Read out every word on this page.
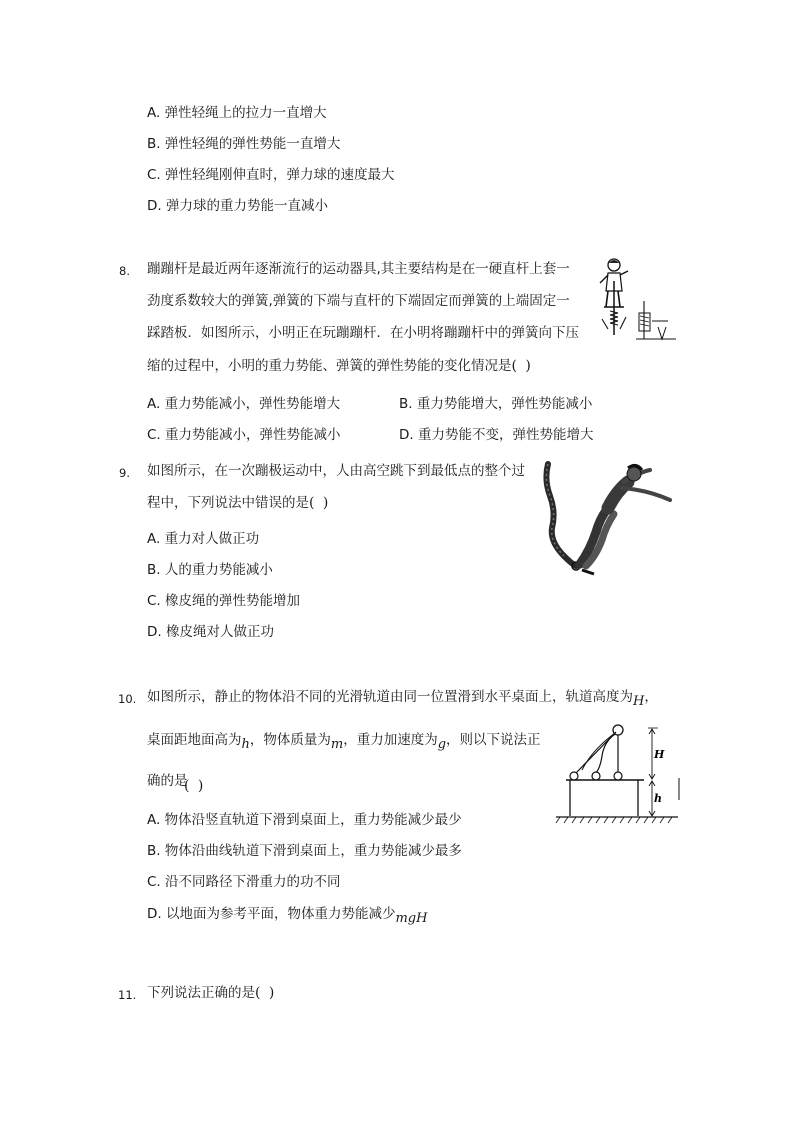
A. 弹性轻绳上的拉力一直增大
B. 弹性轻绳的弹性势能一直增大
C. 弹性轻绳刚伸直时，弹力球的速度最大
D. 弹力球的重力势能一直减小
8. 蹦蹦杆是最近两年逐渐流行的运动器具,其主要结构是在一硬直杆上套一
劲度系数较大的弹簧,弹簧的下端与直杆的下端固定而弹簧的上端固定一
踩踏板．如图所示，小明正在玩蹦蹦杆．在小明将蹦蹦杆中的弹簧向下压
缩的过程中，小明的重力势能、弹簧的弹性势能的变化情况是( )
A. 重力势能减小，弹性势能增大	B. 重力势能增大，弹性势能减小
C. 重力势能减小，弹性势能减小	D. 重力势能不变，弹性势能增大
9. 如图所示，在一次蹦极运动中，人由高空跳下到最低点的整个过
程中，下列说法中错误的是( )
A. 重力对人做正功
B. 人的重力势能减小
C. 橡皮绳的弹性势能增加
D. 橡皮绳对人做正功
10. 如图所示，静止的物体沿不同的光滑轨道由同一位置滑到水平桌面上，轨道高度为H，
桌面距地面高为h，物体质量为m，重力加速度为g，则以下说法正
确的是
( )
A. 物体沿竖直轨道下滑到桌面上，重力势能减少最少
B. 物体沿曲线轨道下滑到桌面上，重力势能减少最多
C. 沿不同路径下滑重力的功不同
D. 以地面为参考平面，物体重力势能减少mgH
H
h
11. 下列说法正确的是( )
